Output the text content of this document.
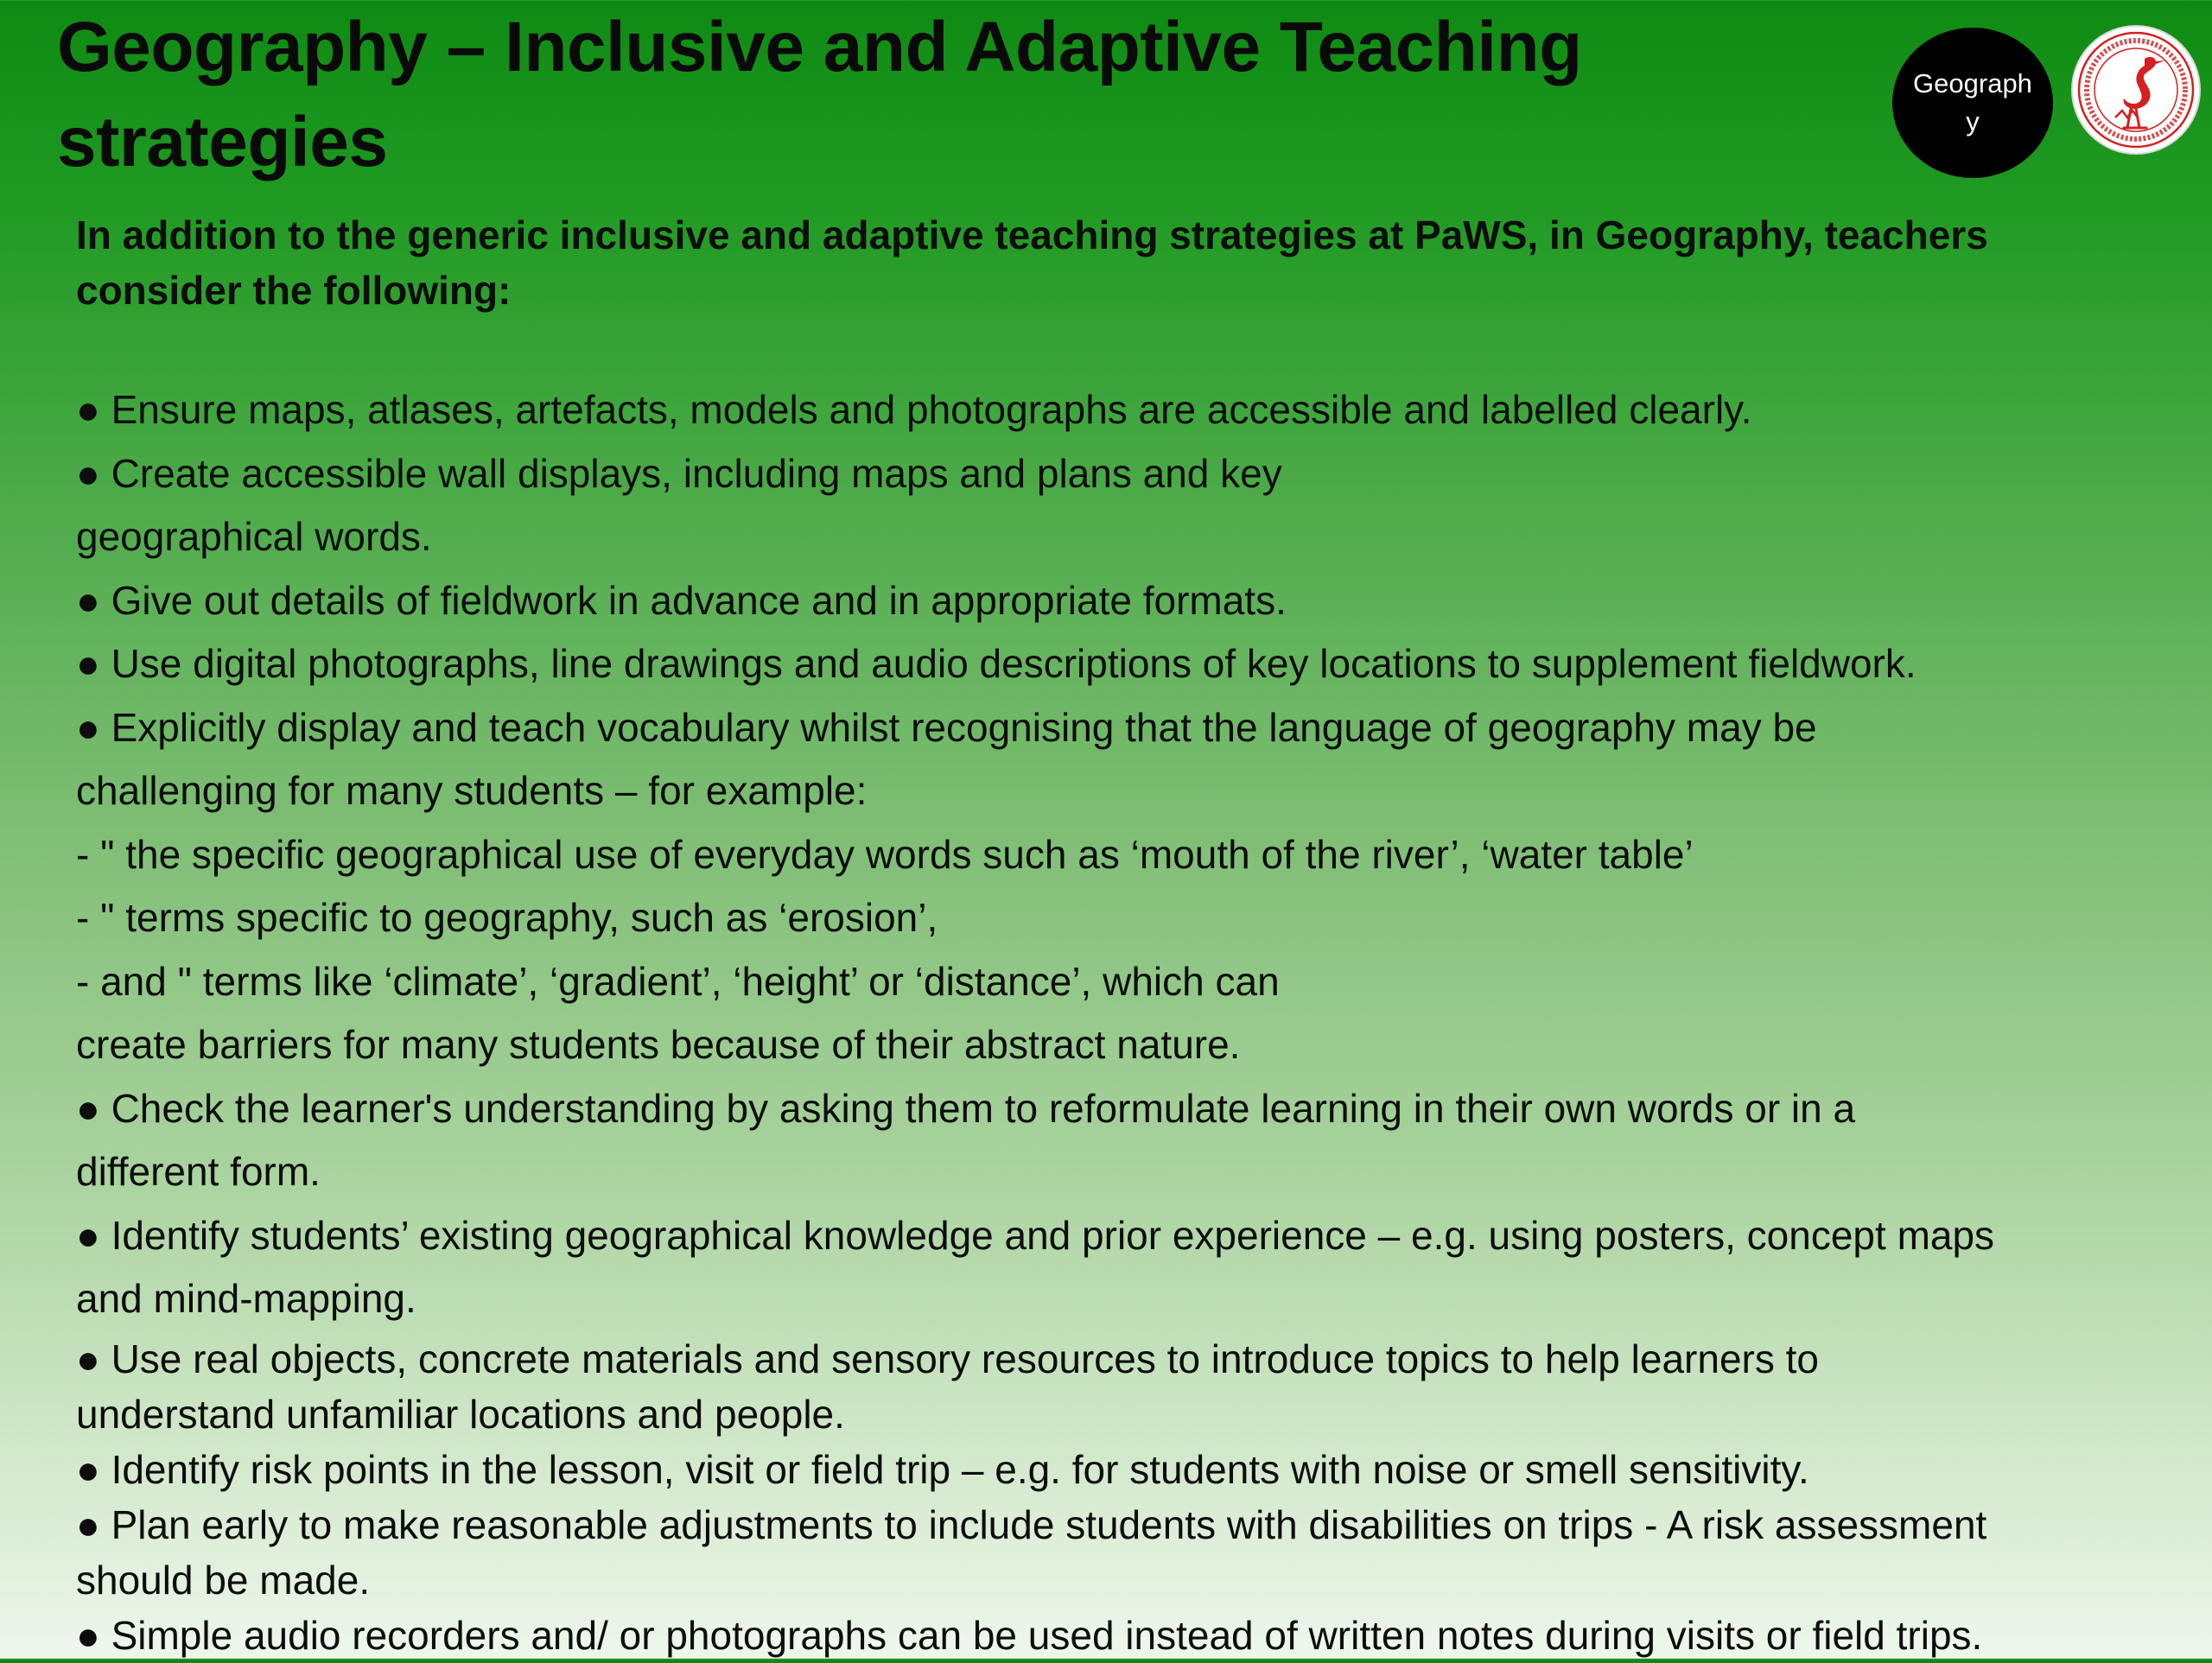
Geography – Inclusive and Adaptive Teaching strategies
Geography

In addition to the generic inclusive and adaptive teaching strategies at PaWS, in Geography, teachers consider the following:

● Ensure maps, atlases, artefacts, models and photographs are accessible and labelled clearly.
● Create accessible wall displays, including maps and plans and key
geographical words.
● Give out details of fieldwork in advance and in appropriate formats.
● Use digital photographs, line drawings and audio descriptions of key locations to supplement fieldwork.
● Explicitly display and teach vocabulary whilst recognising that the language of geography may be
challenging for many students – for example:
- " the specific geographical use of everyday words such as ‘mouth of the river’, ‘water table’
- " terms specific to geography, such as ‘erosion’,
- and " terms like ‘climate’, ‘gradient’, ‘height’ or ‘distance’, which can
create barriers for many students because of their abstract nature.
● Check the learner's understanding by asking them to reformulate learning in their own words or in a
different form.
● Identify students’ existing geographical knowledge and prior experience – e.g. using posters, concept maps
and mind-mapping.
● Use real objects, concrete materials and sensory resources to introduce topics to help learners to
understand unfamiliar locations and people.
● Identify risk points in the lesson, visit or field trip – e.g. for students with noise or smell sensitivity.
● Plan early to make reasonable adjustments to include students with disabilities on trips - A risk assessment
should be made.
● Simple audio recorders and/ or photographs can be used instead of written notes during visits or field trips.
